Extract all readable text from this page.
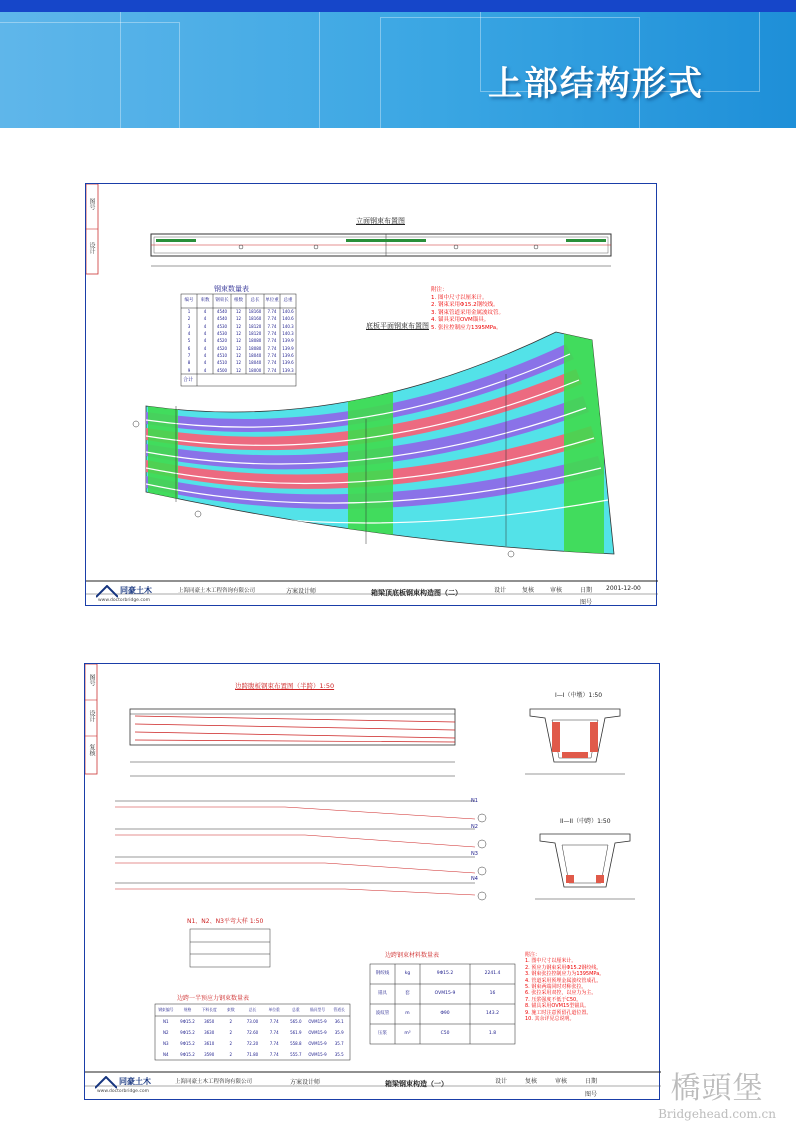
上部结构形式
图号
设计
立面钢束布置图
底板平面钢束布置图
钢束数量表
编号	束数	钢束长	根数	总长	单位重	总重
1	4	4540	12	18160	7.74	140.6
2	4	4540	12	18160	7.74	140.6
3	4	4530	12	18120	7.74	140.3
4	4	4530	12	18120	7.74	140.3
5	4	4520	12	18080	7.74	139.9
6	4	4520	12	18080	7.74	139.9
7	4	4510	12	18040	7.74	139.6
8	4	4510	12	18040	7.74	139.6
9	4	4500	12	18000	7.74	139.3
合计
附注：
1. 图中尺寸以厘米计。
2. 钢束采用Φ15.2钢绞线。
3. 钢束管道采用金属波纹管。
4. 锚具采用OVM锚具。
5. 张拉控制应力1395MPa。
同豪土木
www.doctorbridge.com
上海同豪土木工程咨询有限公司	方案设计师	箱梁顶底板钢束构造图（二）	设计	复核	审核	日期 2001-12-00
图号
图号
设计
复核
边跨腹板钢束布置图（半跨）1:50
I—I（中墩）1:50
II—II（中跨）1:50
N1、N2、N3平弯大样 1:50
N1
N2
N3
N4
边跨一半预应力钢束数量表
钢束编号	规格	下料长度	束数	总长	单位重	总重	锚具型号	管道长
N1	9Φ15.2	3650	2	73.00	7.74	565.0	OVM15-9	36.1
N2	9Φ15.2	3630	2	72.60	7.74	561.9	OVM15-9	35.9
N3	9Φ15.2	3610	2	72.20	7.74	558.8	OVM15-9	35.7
N4	9Φ15.2	3590	2	71.80	7.74	555.7	OVM15-9	35.5
边跨钢束材料数量表
钢绞线	kg	9Φ15.2	2241.4
锚具	套	OVM15-9	16
波纹管	m	Φ90	143.2
压浆	m³	C50	1.8
附注：
1. 图中尺寸以厘米计。
2. 预应力钢束采用Φ15.2钢绞线。
3. 钢束张拉控制应力为1395MPa。
4. 管道采用预埋金属波纹管成孔。
5. 钢束两端同时对称张拉。
6. 张拉采用双控，以应力为主。
7. 压浆强度不低于C50。
8. 锚具采用OVM15型锚具。
9. 施工时注意预留孔道位置。
10. 其余详见总说明。
同豪土木
www.doctorbridge.com
上海同豪土木工程咨询有限公司	方案设计师	箱梁钢束构造（一）	设计	复核	审核	日期
图号	橋頭堡
Bridgehead.com.cn
